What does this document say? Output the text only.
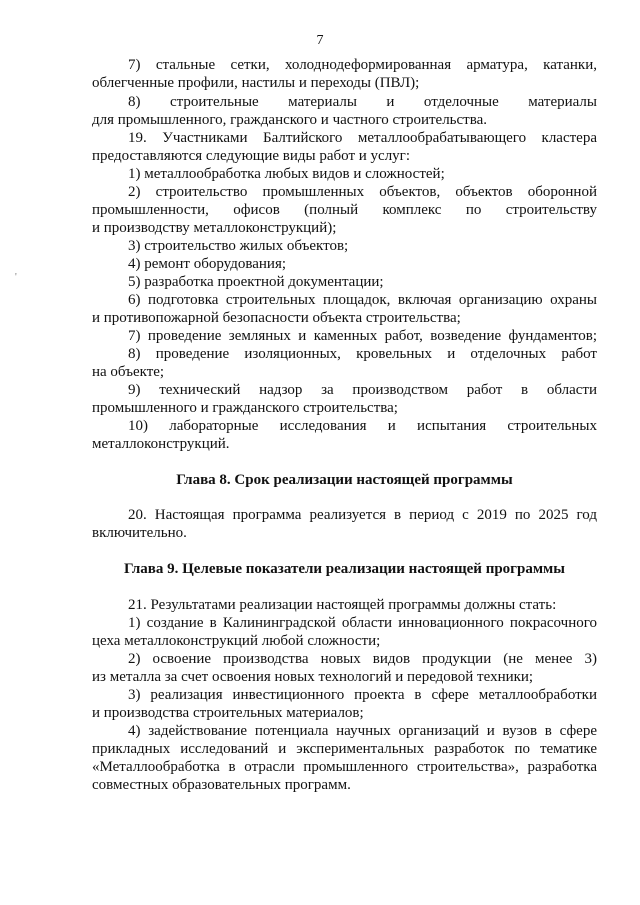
7
'
7) стальные сетки, холоднодеформированная арматура, катанки,
облегченные профили, настилы и переходы (ПВЛ);
8) строительные материалы и отделочные материалы
для промышленного, гражданского и частного строительства.
19. Участниками Балтийского металлообрабатывающего кластера
предоставляются следующие виды работ и услуг:
1) металлообработка любых видов и сложностей;
2) строительство промышленных объектов, объектов оборонной
промышленности, офисов (полный комплекс по строительству
и производству металлоконструкций);
3) строительство жилых объектов;
4) ремонт оборудования;
5) разработка проектной документации;
6) подготовка строительных площадок, включая организацию охраны
и противопожарной безопасности объекта строительства;
7) проведение земляных и каменных работ, возведение фундаментов;
8) проведение изоляционных, кровельных и отделочных работ
на объекте;
9) технический надзор за производством работ в области
промышленного и гражданского строительства;
10) лабораторные исследования и испытания строительных
металлоконструкций.
Глава 8. Срок реализации настоящей программы
20. Настоящая программа реализуется в период с 2019 по 2025 год
включительно.
Глава 9. Целевые показатели реализации настоящей программы
21. Результатами реализации настоящей программы должны стать:
1) создание в Калининградской области инновационного покрасочного
цеха металлоконструкций любой сложности;
2) освоение производства новых видов продукции (не менее 3)
из металла за счет освоения новых технологий и передовой техники;
3) реализация инвестиционного проекта в сфере металлообработки
и производства строительных материалов;
4) задействование потенциала научных организаций и вузов в сфере
прикладных исследований и экспериментальных разработок по тематике
«Металлообработка в отрасли промышленного строительства», разработка
совместных образовательных программ.
